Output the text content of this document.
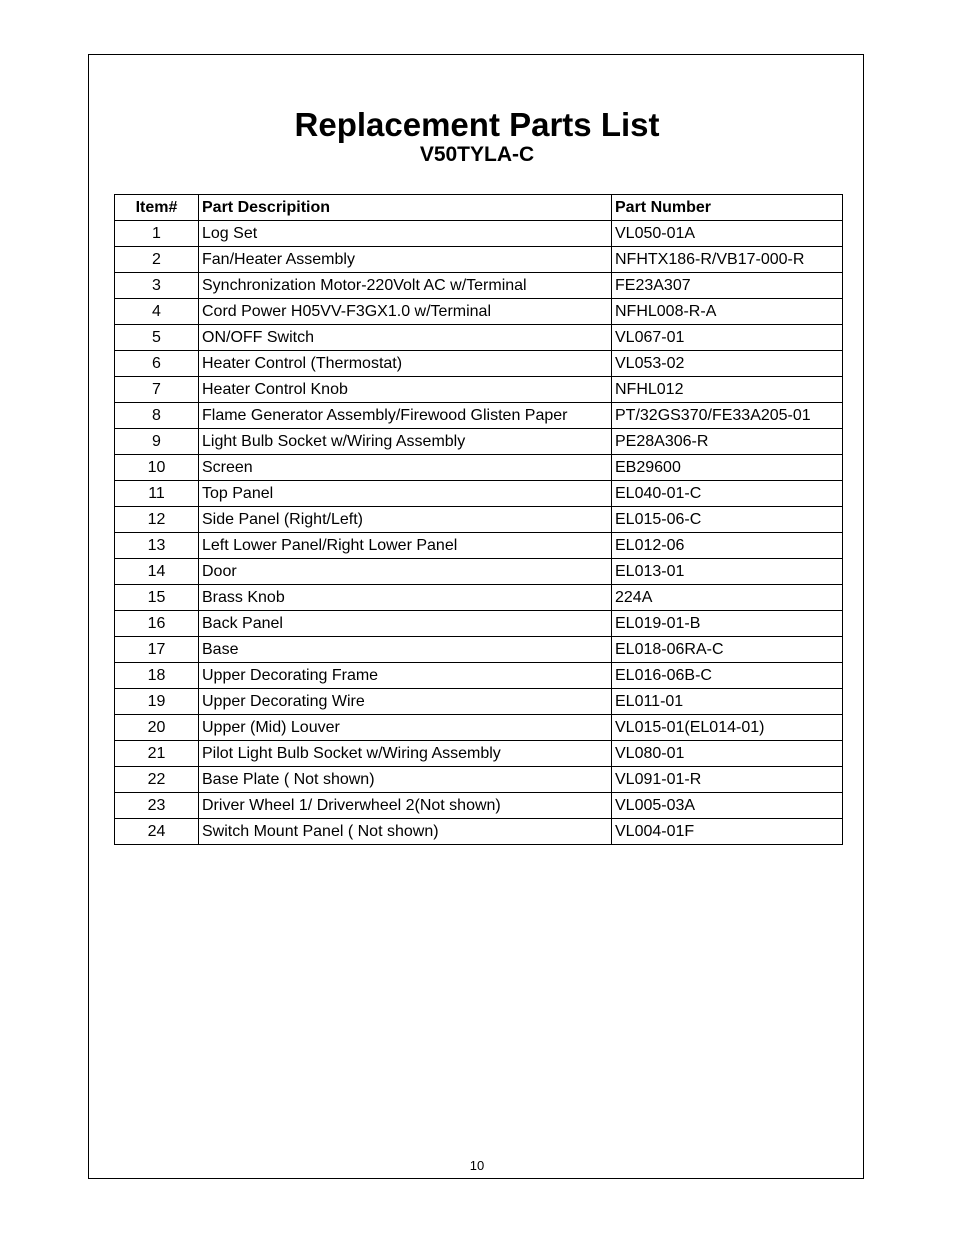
Replacement Parts List
V50TYLA-C
Item#	Part Descripition	Part Number
1	Log Set	VL050-01A
2	Fan/Heater Assembly	NFHTX186-R/VB17-000-R
3	Synchronization Motor-220Volt AC w/Terminal	FE23A307
4	Cord Power H05VV-F3GX1.0 w/Terminal	NFHL008-R-A
5	ON/OFF Switch	VL067-01
6	Heater Control (Thermostat)	VL053-02
7	Heater Control Knob	NFHL012
8	Flame Generator Assembly/Firewood Glisten Paper	PT/32GS370/FE33A205-01
9	Light Bulb Socket w/Wiring Assembly	PE28A306-R
10	Screen	EB29600
11	Top Panel	EL040-01-C
12	Side Panel (Right/Left)	EL015-06-C
13	Left Lower Panel/Right Lower Panel	EL012-06
14	Door	EL013-01
15	Brass Knob	224A
16	Back Panel	EL019-01-B
17	Base	EL018-06RA-C
18	Upper Decorating Frame	EL016-06B-C
19	Upper Decorating Wire	EL011-01
20	Upper (Mid) Louver	VL015-01(EL014-01)
21	Pilot Light Bulb Socket w/Wiring Assembly	VL080-01
22	Base Plate ( Not shown)	VL091-01-R
23	Driver Wheel 1/ Driverwheel 2(Not shown)	VL005-03A
24	Switch Mount Panel ( Not shown)	VL004-01F
10
